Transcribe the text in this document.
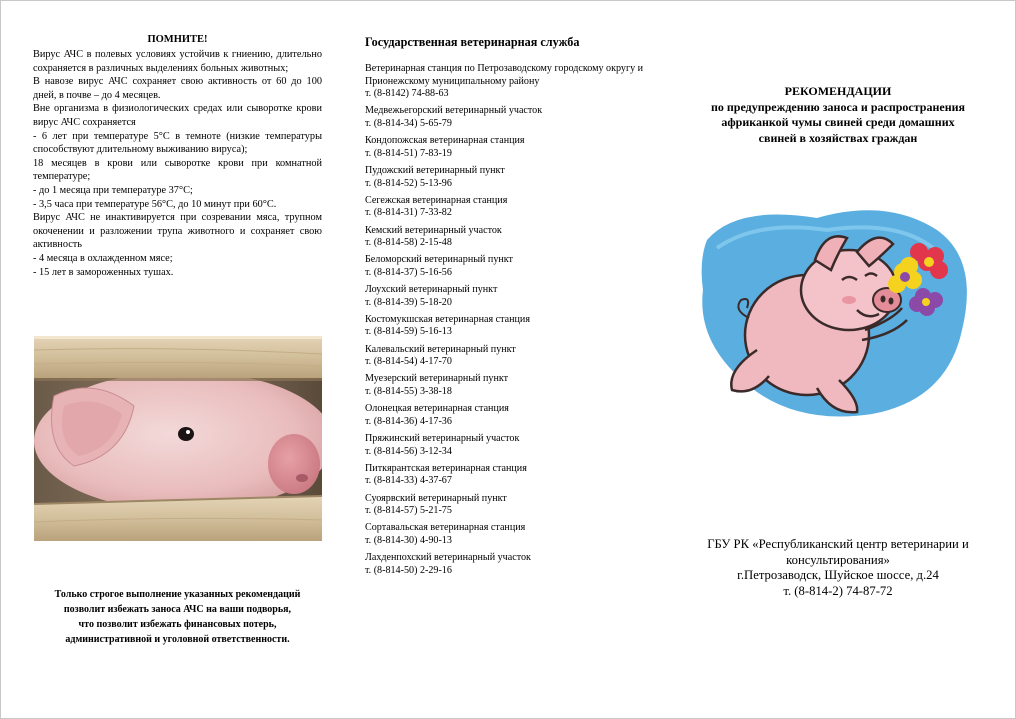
ПОМНИТЕ!

Вирус АЧС в полевых условиях устойчив к гниению, длительно сохраняется в различных выделениях больных животных;

В навозе вирус АЧС сохраняет свою активность от 60 до 100 дней, в почве – до 4 месяцев.

Вне организма в физиологических средах или сыворотке крови вирус АЧС сохраняется

- 6 лет при температуре 5°С в темноте (низкие температуры способствуют длительному выживанию вируса);

18 месяцев в крови или сыворотке крови при комнатной температуре;

- до 1 месяца при температуре 37°С;

- 3,5 часа при температуре 56°С, до 10 минут при 60°С.

Вирус АЧС не инактивируется при созревании мяса, трупном окоченении и разложении трупа животного и сохраняет свою активность

- 4 месяца в охлажденном мясе;

- 15 лет в замороженных тушах.

Только строгое выполнение указанных рекомендаций
позволит избежать заноса АЧС на ваши подворья,
что позволит избежать финансовых потерь,
административной и уголовной ответственности.
Государственная ветеринарная служба
Ветеринарная станция по Петрозаводскому городскому округу и Прионежскому муниципальному району
т. (8-8142) 74-88-63
Медвежьегорский ветеринарный участок
т. (8-814-34) 5-65-79
Кондопожская ветеринарная станция
т. (8-814-51) 7-83-19
Пудожский ветеринарный пункт
т. (8-814-52) 5-13-96
Сегежская ветеринарная станция
т. (8-814-31) 7-33-82
Кемский ветеринарный участок
т. (8-814-58) 2-15-48
Беломорский ветеринарный пункт
т. (8-814-37) 5-16-56
Лоухский ветеринарный пункт
т. (8-814-39) 5-18-20
Костомукшская ветеринарная станция
т. (8-814-59) 5-16-13
Калевальский ветеринарный пункт
т. (8-814-54) 4-17-70
Муезерский ветеринарный пункт
т. (8-814-55) 3-38-18
Олонецкая ветеринарная станция
т. (8-814-36) 4-17-36
Пряжинский ветеринарный участок
т. (8-814-56) 3-12-34
Питкярантская ветеринарная станция
т. (8-814-33) 4-37-67
Суоярвский ветеринарный пункт
т. (8-814-57) 5-21-75
Сортавальская ветеринарная станция
т. (8-814-30) 4-90-13
Лахденпохский ветеринарный участок
т. (8-814-50) 2-29-16
РЕКОМЕНДАЦИИ
по предупреждению заноса и распространения
африканкой чумы свиней среди домашних
свиней в хозяйствах граждан
ГБУ РК «Республиканский центр ветеринарии и
консультирования»
г.Петрозаводск, Шуйское шоссе, д.24
т. (8-814-2) 74-87-72
